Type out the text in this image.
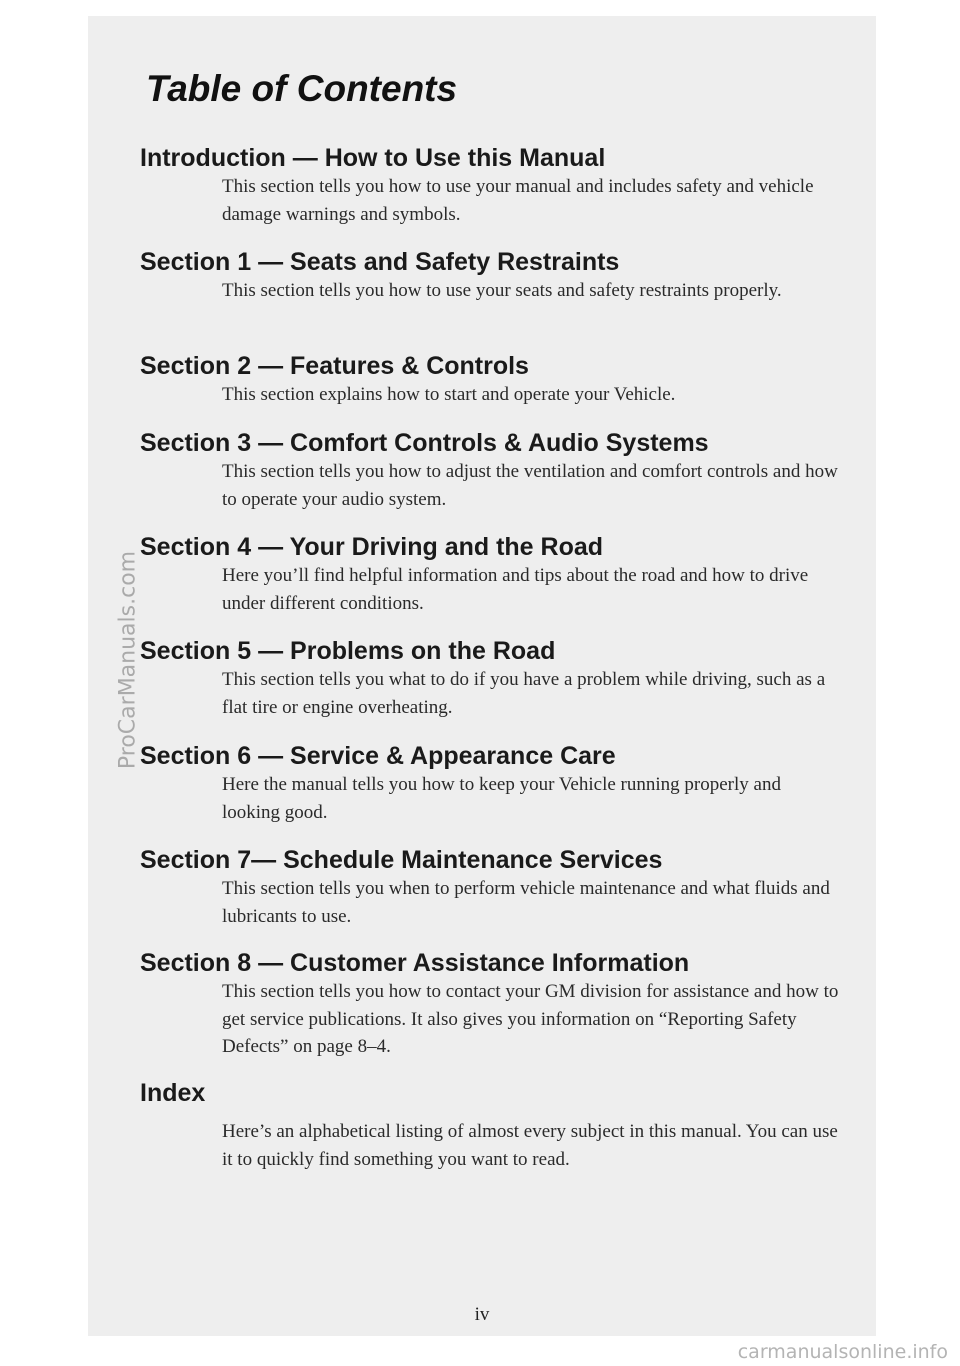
Table of Contents
Introduction — How to Use this Manual

This section tells you how to use your manual and includes safety and vehicle damage warnings and symbols.

Section 1 — Seats and Safety Restraints

This section tells you how to use your seats and safety restraints properly.

Section 2 — Features & Controls

This section explains how to start and operate your Vehicle.

Section 3 — Comfort Controls & Audio Systems

This section tells you how to adjust the ventilation and comfort controls and how to operate your audio system.

Section 4 — Your Driving and the Road

Here you’ll find helpful information and tips about the road and how to drive under different conditions.

Section 5 — Problems on the Road

This section tells you what to do if you have a problem while driving, such as a flat tire or engine overheating.

Section 6 — Service & Appearance Care

Here the manual tells you how to keep your Vehicle running properly and looking good.

Section 7— Schedule Maintenance Services

This section tells you when to perform vehicle maintenance and what fluids and lubricants to use.

Section 8 — Customer Assistance Information

This section tells you how to contact your GM division for assistance and how to get service publications. It also gives you information on “Reporting Safety Defects” on page 8–4.

Index

Here’s an alphabetical listing of almost every subject in this manual. You can use it to quickly find something you want to read.

iv
ProCarManuals.com
carmanualsonline.info
